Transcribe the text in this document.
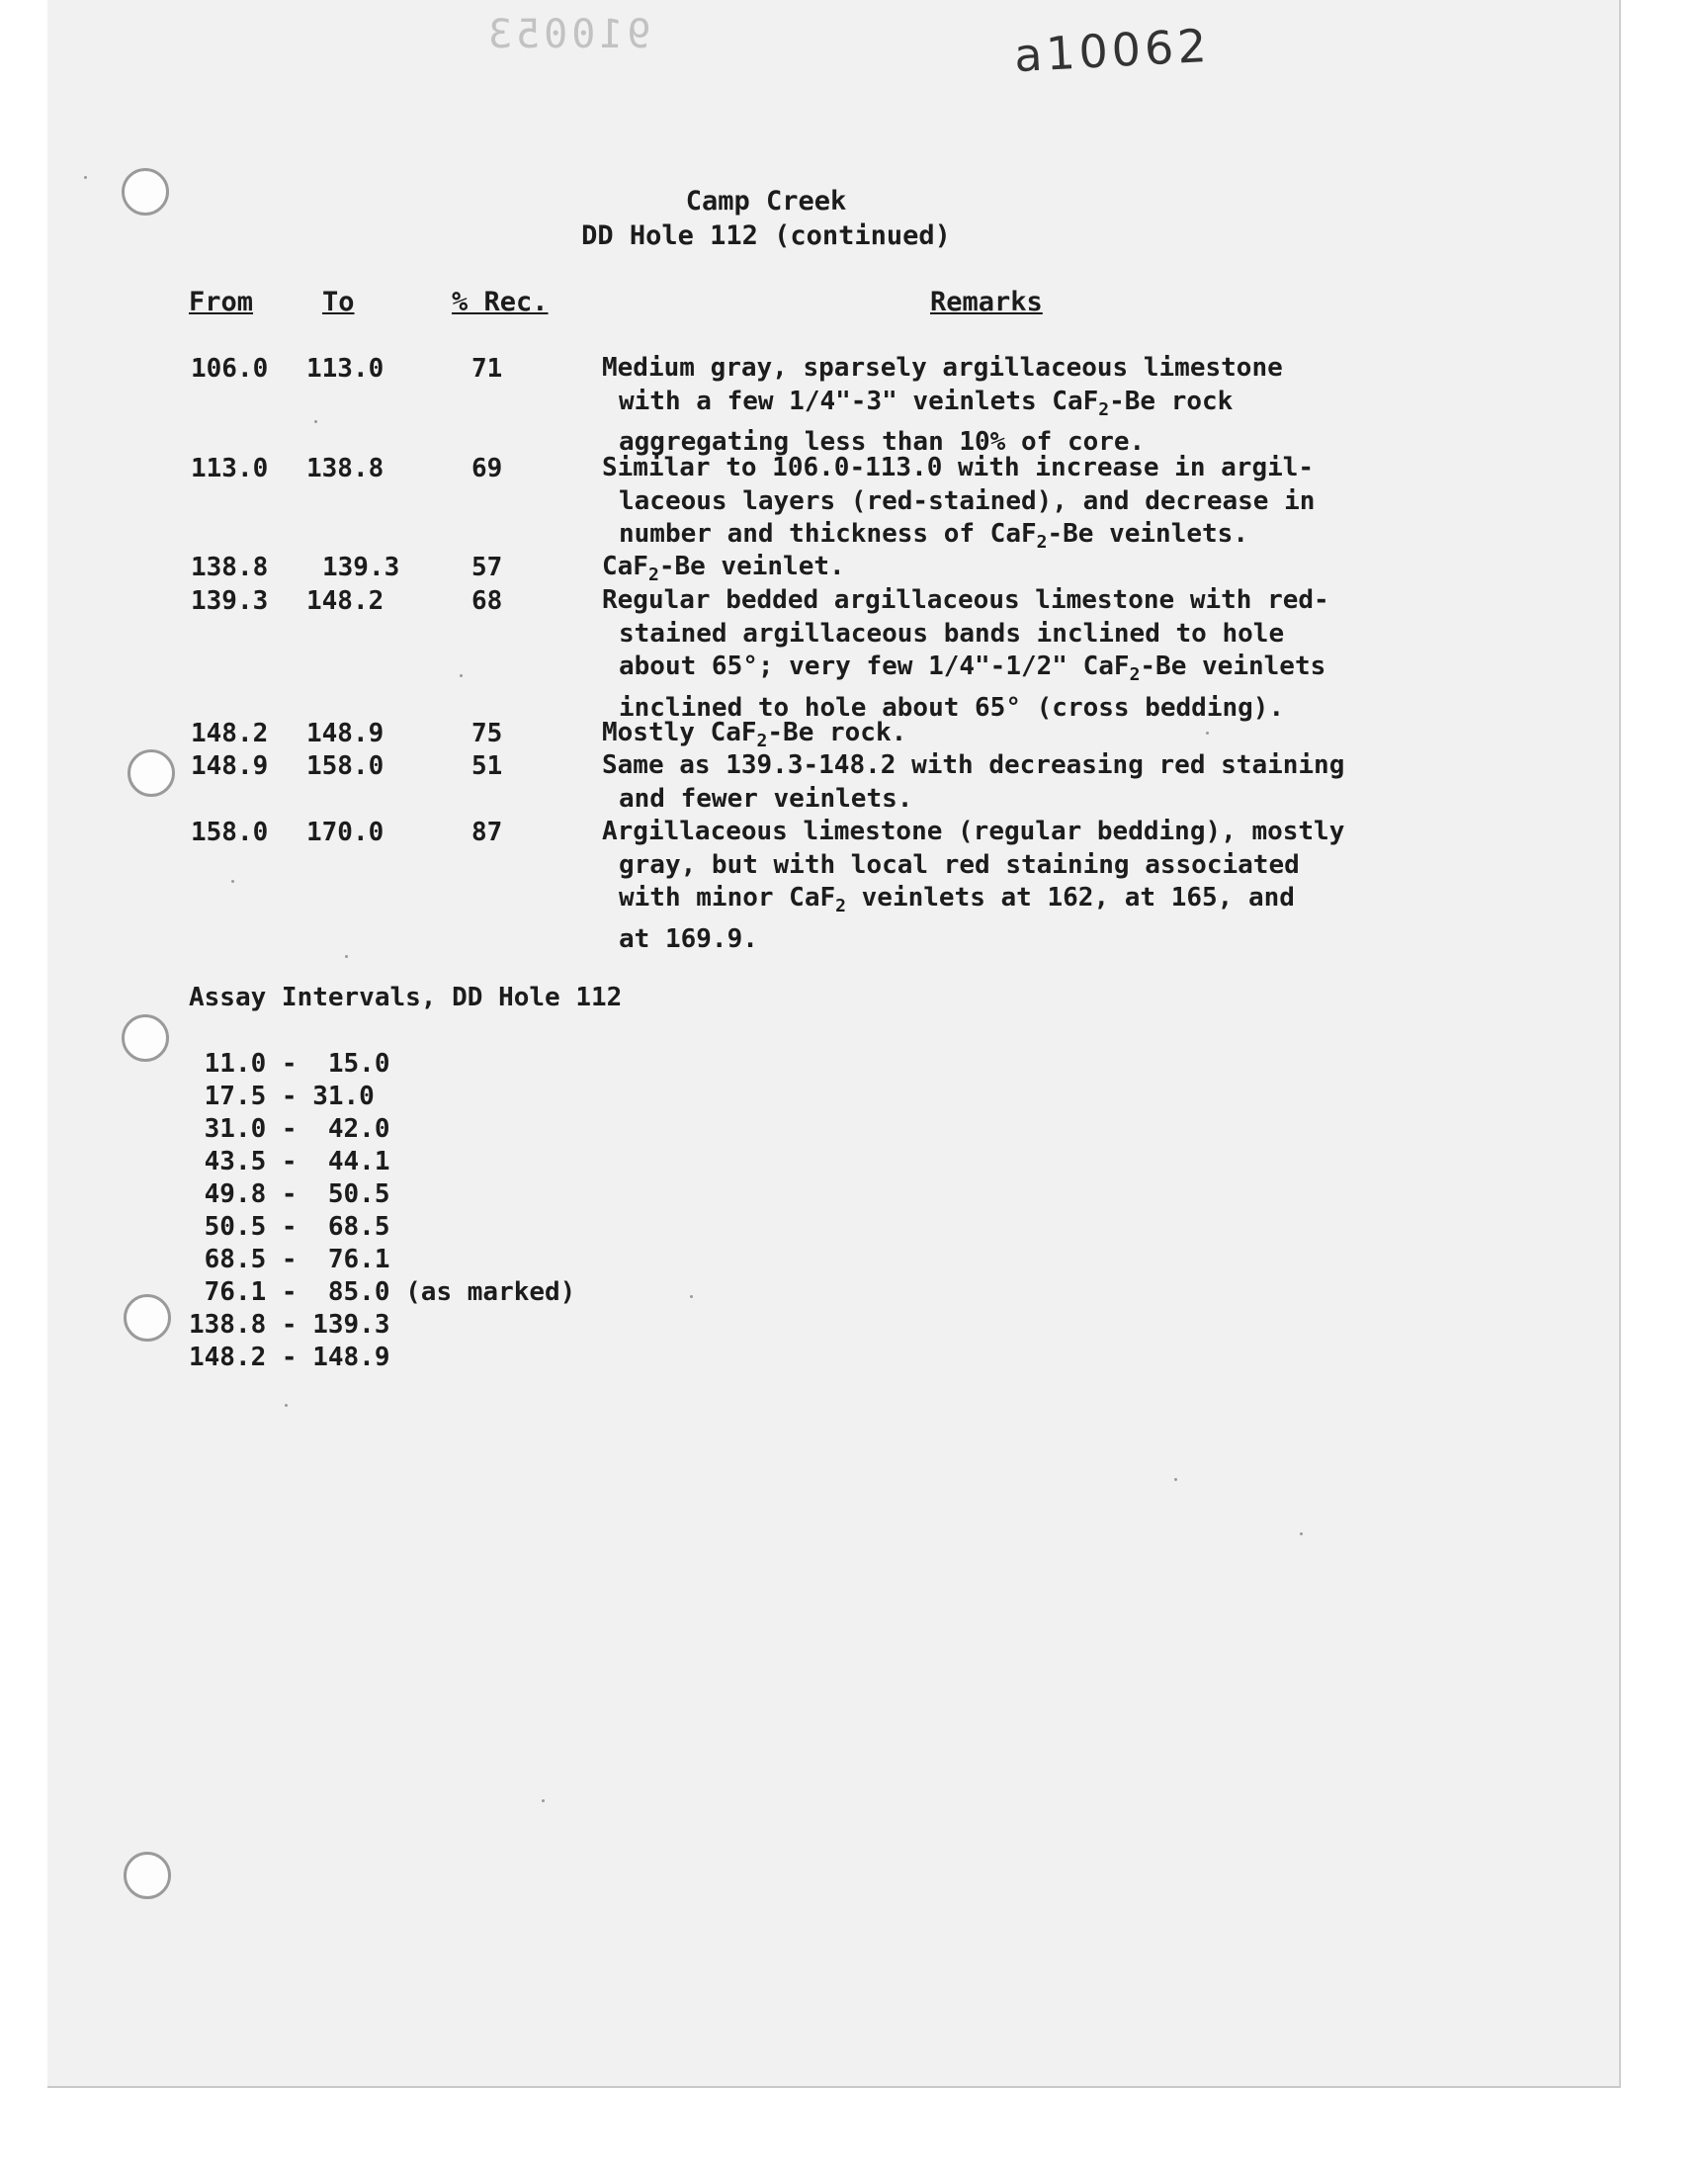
910053	a10062
Camp Creek
DD Hole 112 (continued)
From	To	% Rec.	Remarks
106.0 113.0	71	Medium gray, sparsely argillaceous limestone
with a few 1/4"-3" veinlets CaF$_2$-Be rock
aggregating less than 10% of core.
113.0 138.8	69	Similar to 106.0-113.0 with increase in argil-
laceous layers (red-stained), and decrease in
number and thickness of CaF$_2$-Be veinlets.
138.8 139.3	57	CaF$_2$-Be veinlet.
139.3 148.2	68	Regular bedded argillaceous limestone with red-
stained argillaceous bands inclined to hole
about 65°; very few 1/4"-1/2" CaF$_2$-Be veinlets
inclined to hole about 65° (cross bedding).
148.2 148.9	75	Mostly CaF$_2$-Be rock.
148.9 158.0	51	Same as 139.3-148.2 with decreasing red staining
and fewer veinlets.
158.0 170.0	87	Argillaceous limestone (regular bedding), mostly
gray, but with local red staining associated
with minor CaF$_2$ veinlets at 162, at 165, and
at 169.9.
Assay Intervals, DD Hole 112
11.0 -  15.0
17.5 - 31.0
31.0 -  42.0
43.5 -  44.1
49.8 -  50.5
50.5 -  68.5
68.5 -  76.1
76.1 -  85.0 (as marked)
138.8 - 139.3
148.2 - 148.9
